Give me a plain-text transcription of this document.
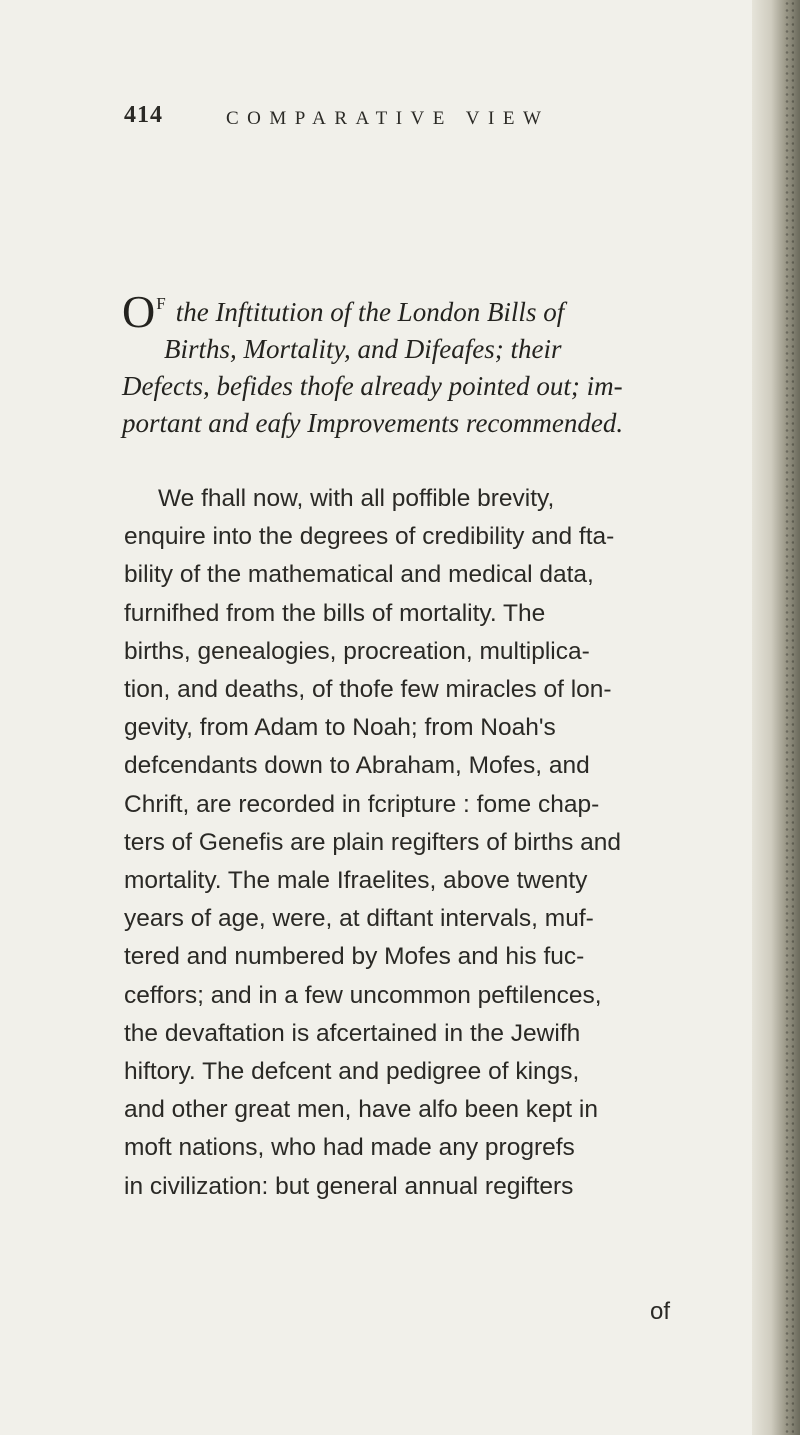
414	COMPARATIVE VIEW
$O^F$ the Inftitution of the London Bills of
Births, Mortality, and Difeafes; their
Defects, befides thofe already pointed out; im-
portant and eafy Improvements recommended.
We fhall now, with all poffible brevity,
enquire into the degrees of credibility and fta-
bility of the mathematical and medical data,
furnifhed from the bills of mortality. The
births, genealogies, procreation, multiplica-
tion, and deaths, of thofe few miracles of lon-
gevity, from Adam to Noah; from Noah's
defcendants down to Abraham, Mofes, and
Chrift, are recorded in fcripture : fome chap-
ters of Genefis are plain regifters of births and
mortality. The male Ifraelites, above twenty
years of age, were, at diftant intervals, muf-
tered and numbered by Mofes and his fuc-
ceffors; and in a few uncommon peftilences,
the devaftation is afcertained in the Jewifh
hiftory. The defcent and pedigree of kings,
and other great men, have alfo been kept in
moft nations, who had made any progrefs
in civilization: but general annual regifters
of
